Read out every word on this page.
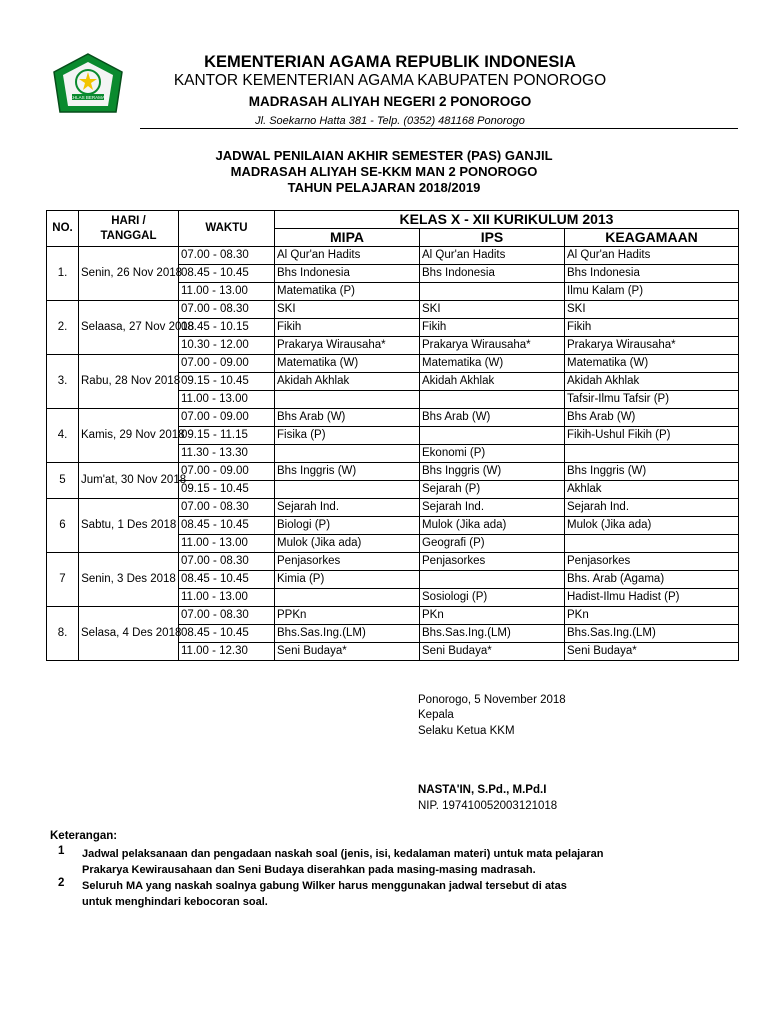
IKHLAS BERAMAL
KEMENTERIAN AGAMA REPUBLIK INDONESIA
KANTOR KEMENTERIAN AGAMA KABUPATEN PONOROGO
MADRASAH ALIYAH NEGERI 2 PONOROGO
Jl. Soekarno Hatta 381 - Telp. (0352) 481168 Ponorogo
JADWAL PENILAIAN AKHIR SEMESTER (PAS) GANJIL
MADRASAH ALIYAH SE-KKM MAN 2 PONOROGO
TAHUN PELAJARAN 2018/2019
NO.	HARI /
TANGGAL	WAKTU	KELAS X - XII KURIKULUM 2013		
			MIPA	IPS	KEAGAMAAN
1.	Senin, 26 Nov 2018	07.00 - 08.30	Al Qur'an Hadits	Al Qur'an Hadits	Al Qur'an Hadits
		08.45 - 10.45	Bhs Indonesia	Bhs Indonesia	Bhs Indonesia
		11.00 - 13.00	Matematika (P)		Ilmu Kalam (P)
2.	Selaasa, 27 Nov 2018	07.00 - 08.30	SKI	SKI	SKI
		08.45 - 10.15	Fikih	Fikih	Fikih
		10.30 - 12.00	Prakarya Wirausaha*	Prakarya Wirausaha*	Prakarya Wirausaha*
3.	Rabu, 28 Nov 2018	07.00 - 09.00	Matematika (W)	Matematika (W)	Matematika (W)
		09.15 - 10.45	Akidah Akhlak	Akidah Akhlak	Akidah Akhlak
		11.00 - 13.00			Tafsir-Ilmu Tafsir (P)
4.	Kamis, 29 Nov 2018	07.00 - 09.00	Bhs Arab (W)	Bhs Arab (W)	Bhs Arab (W)
		09.15 - 11.15	Fisika (P)		Fikih-Ushul Fikih (P)
		11.30 - 13.30		Ekonomi (P)	
5	Jum'at, 30 Nov 2018	07.00 - 09.00	Bhs Inggris (W)	Bhs Inggris (W)	Bhs Inggris (W)
		09.15 - 10.45		Sejarah (P)	Akhlak
6	Sabtu, 1 Des 2018	07.00 - 08.30	Sejarah Ind.	Sejarah Ind.	Sejarah Ind.
		08.45 - 10.45	Biologi (P)	Mulok (Jika ada)	Mulok (Jika ada)
		11.00 - 13.00	Mulok (Jika ada)	Geografi (P)	
7	Senin, 3 Des 2018	07.00 - 08.30	Penjasorkes	Penjasorkes	Penjasorkes
		08.45 - 10.45	Kimia (P)		Bhs. Arab (Agama)
		11.00 - 13.00		Sosiologi (P)	Hadist-Ilmu Hadist (P)
8.	Selasa, 4 Des 2018	07.00 - 08.30	PPKn	PKn	PKn
		08.45 - 10.45	Bhs.Sas.Ing.(LM)	Bhs.Sas.Ing.(LM)	Bhs.Sas.Ing.(LM)
		11.00 - 12.30	Seni Budaya*	Seni Budaya*	Seni Budaya*
Ponorogo, 5 November 2018
Kepala
Selaku Ketua KKM
NASTA'IN, S.Pd., M.Pd.I
NIP. 197410052003121018
Keterangan:
1 Jadwal pelaksanaan dan pengadaan naskah soal (jenis, isi, kedalaman materi) untuk mata pelajaran
Prakarya Kewirausahaan dan Seni Budaya diserahkan pada masing-masing madrasah.
2 Seluruh MA yang naskah soalnya gabung Wilker harus menggunakan jadwal tersebut di atas
untuk menghindari kebocoran soal.
